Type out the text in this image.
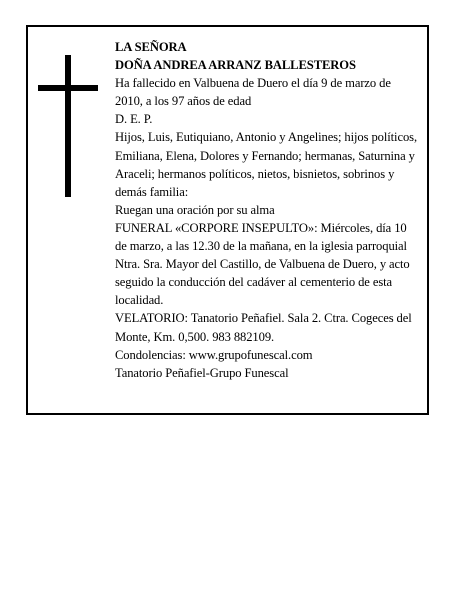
LA SEÑORA

DOÑA ANDREA ARRANZ BALLESTEROS

Ha fallecido en Valbuena de Duero el día 9 de marzo de 2010, a los 97 años de edad

D. E. P.

Hijos, Luis, Eutiquiano, Antonio y Angelines; hijos políticos, Emiliana, Elena, Dolores y Fernando; hermanas, Saturnina y Araceli; hermanos políticos, nietos, bisnietos, sobrinos y demás familia:

Ruegan una oración por su alma

FUNERAL «CORPORE INSEPULTO»: Miércoles, día 10 de marzo, a las 12.30 de la mañana, en la iglesia parroquial Ntra. Sra. Mayor del Castillo, de Valbuena de Duero, y acto seguido la conducción del cadáver al cementerio de esta localidad.

VELATORIO: Tanatorio Peñafiel. Sala 2. Ctra. Cogeces del Monte, Km. 0,500. 983 882109.

Condolencias: www.grupofunescal.com

Tanatorio Peñafiel-Grupo Funescal
